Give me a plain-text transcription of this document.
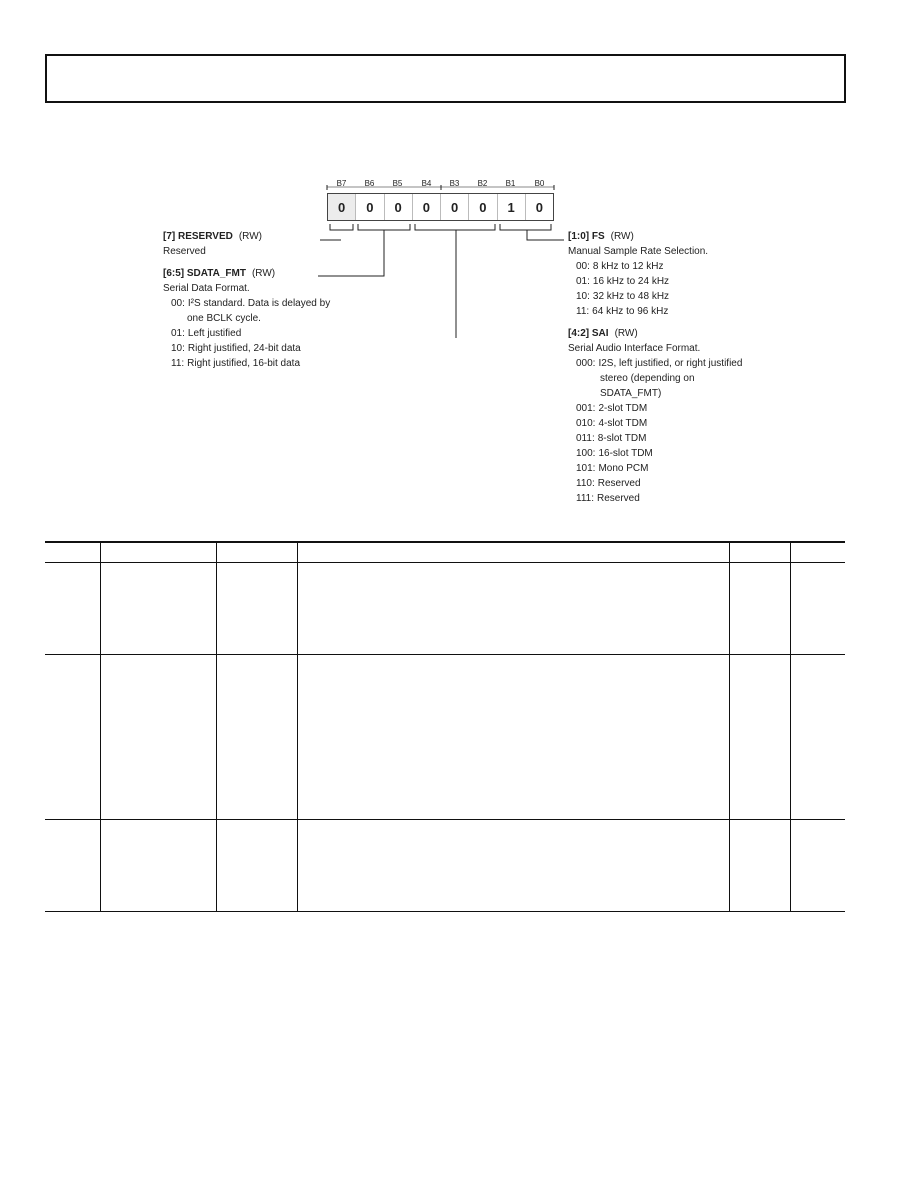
B7	B6	B5	B4	B3	B2	B1	B0
0	0	0	0	0	0	1	0
[7] RESERVED (RW)
Reserved
[6:5] SDATA_FMT (RW)
Serial Data Format.
00: I²S standard. Data is delayed by
one BCLK cycle.
01: Left justified
10: Right justified, 24-bit data
11: Right justified, 16-bit data
[1:0] FS (RW)
Manual Sample Rate Selection.
00: 8 kHz to 12 kHz
01: 16 kHz to 24 kHz
10: 32 kHz to 48 kHz
11: 64 kHz to 96 kHz
[4:2] SAI (RW)
Serial Audio Interface Format.
000: I2S, left justified, or right justified
stereo (depending on
SDATA_FMT)
001: 2-slot TDM
010: 4-slot TDM
011: 8-slot TDM
100: 16-slot TDM
101: Mono PCM
110: Reserved
111: Reserved
